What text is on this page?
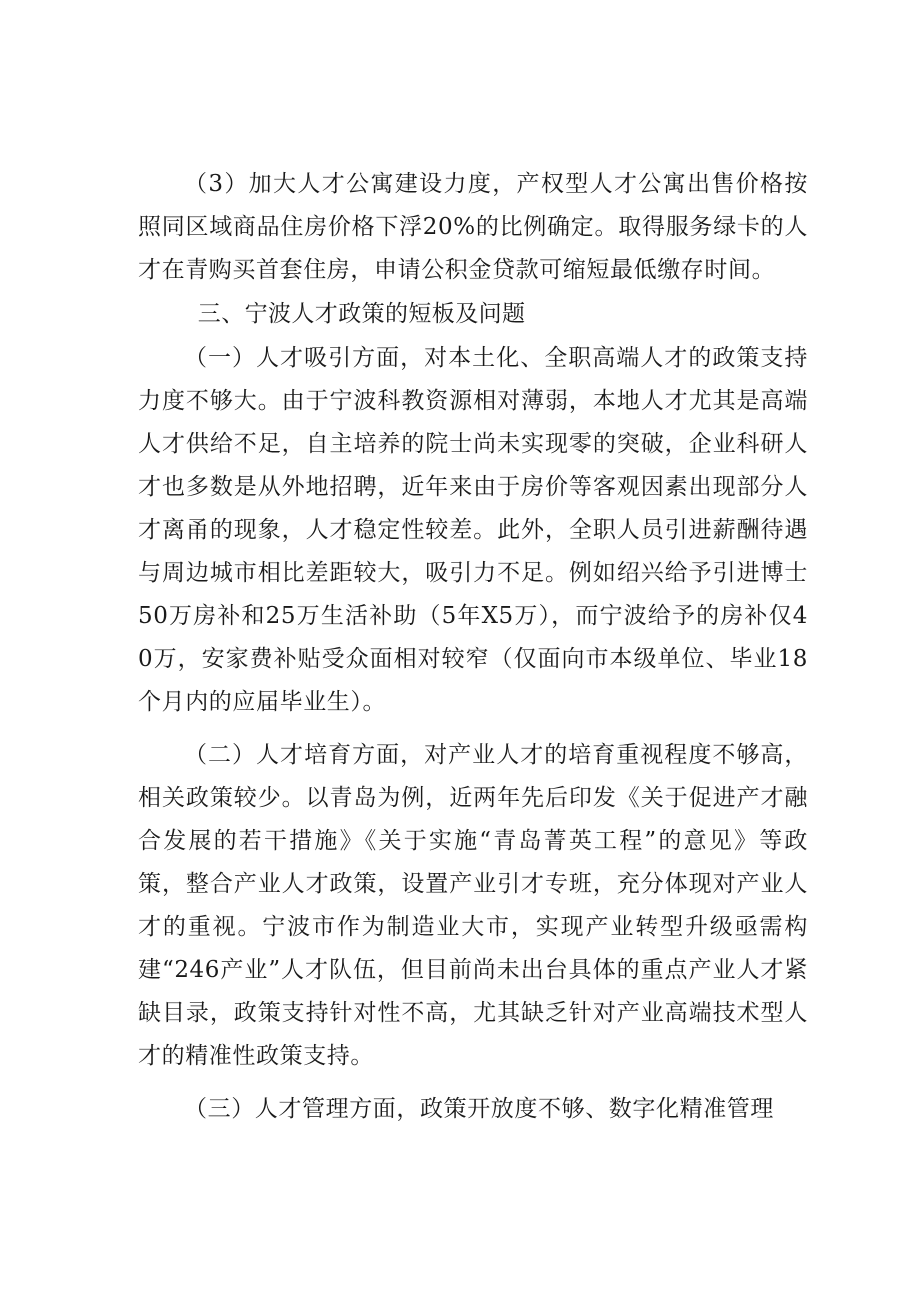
（3）加大人才公寓建设力度，产权型人才公寓出售价格按照同区域商品住房价格下浮20%的比例确定。取得服务绿卡的人才在青购买首套住房，申请公积金贷款可缩短最低缴存时间。

三、宁波人才政策的短板及问题

（一）人才吸引方面，对本土化、全职高端人才的政策支持力度不够大。由于宁波科教资源相对薄弱，本地人才尤其是高端人才供给不足，自主培养的院士尚未实现零的突破，企业科研人才也多数是从外地招聘，近年来由于房价等客观因素出现部分人才离甬的现象，人才稳定性较差。此外，全职人员引进薪酬待遇与周边城市相比差距较大，吸引力不足。例如绍兴给予引进博士50万房补和25万生活补助（5年X5万），而宁波给予的房补仅40万，安家费补贴受众面相对较窄（仅面向市本级单位、毕业18个月内的应届毕业生）。

（二）人才培育方面，对产业人才的培育重视程度不够高，相关政策较少。以青岛为例，近两年先后印发《关于促进产才融合发展的若干措施》《关于实施“青岛菁英工程”的意见》等政策，整合产业人才政策，设置产业引才专班，充分体现对产业人才的重视。宁波市作为制造业大市，实现产业转型升级亟需构建“246产业”人才队伍，但目前尚未出台具体的重点产业人才紧缺目录，政策支持针对性不高，尤其缺乏针对产业高端技术型人才的精准性政策支持。

（三）人才管理方面，政策开放度不够、数字化精准管理
